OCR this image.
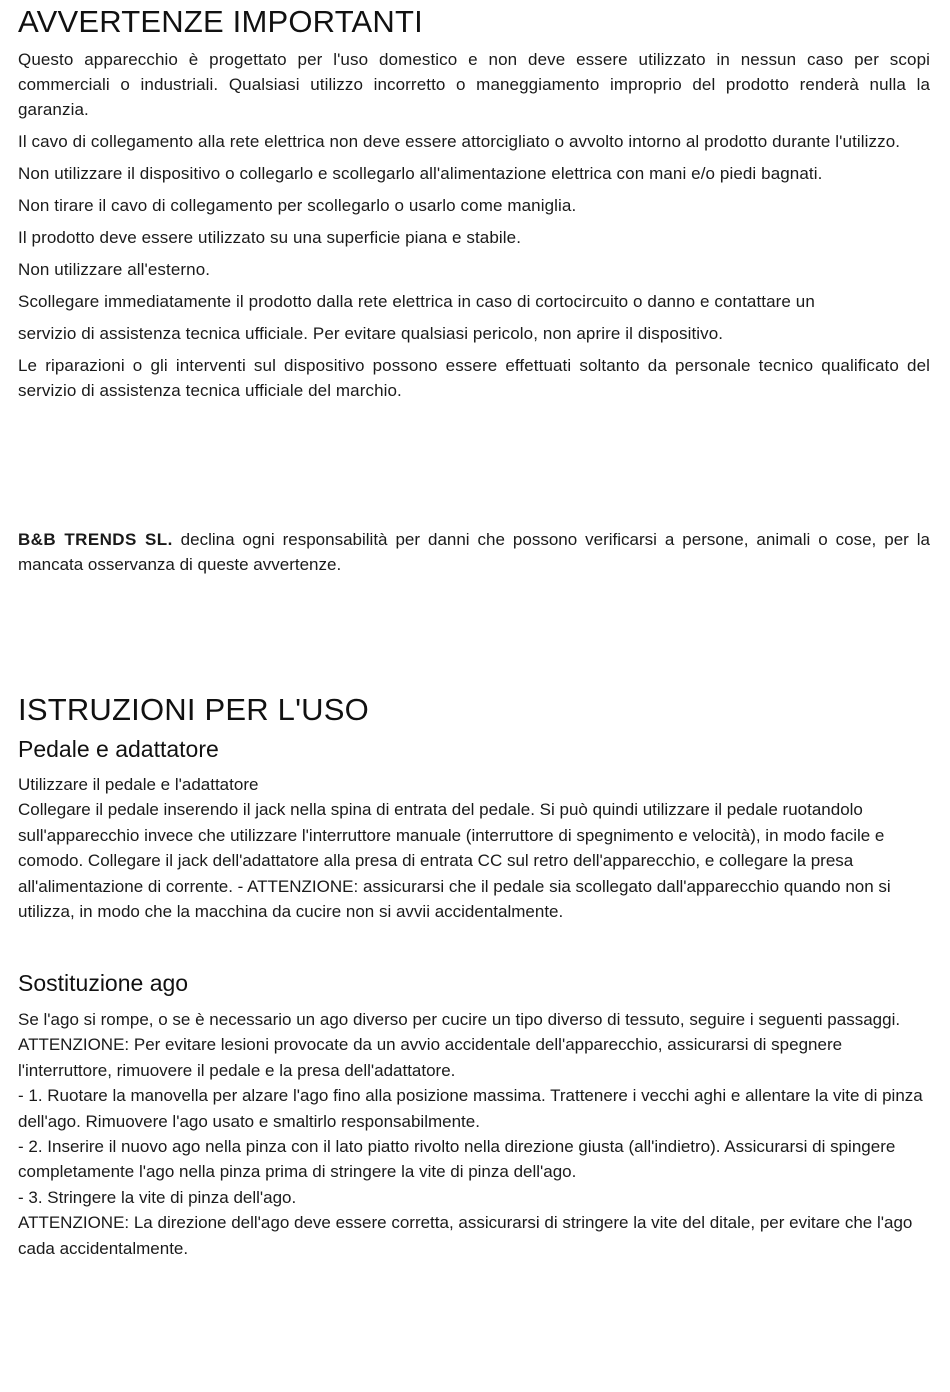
AVVERTENZE IMPORTANTI

Questo apparecchio è progettato per l'uso domestico e non deve essere utilizzato in nessun caso per scopi commerciali o industriali. Qualsiasi utilizzo incorretto o maneggiamento improprio del prodotto renderà nulla la garanzia.

Il cavo di collegamento alla rete elettrica non deve essere attorcigliato o avvolto intorno al prodotto durante l'utilizzo.

Non utilizzare il dispositivo o collegarlo e scollegarlo all'alimentazione elettrica con mani e/o piedi bagnati.

Non tirare il cavo di collegamento per scollegarlo o usarlo come maniglia.

Il prodotto deve essere utilizzato su una superficie piana e stabile.

Non utilizzare all'esterno.

Scollegare immediatamente il prodotto dalla rete elettrica in caso di cortocircuito o danno e contattare un

servizio di assistenza tecnica ufficiale. Per evitare qualsiasi pericolo, non aprire il dispositivo.

Le riparazioni o gli interventi sul dispositivo possono essere effettuati soltanto da personale tecnico qualificato del servizio di assistenza tecnica ufficiale del marchio.

B&B TRENDS SL. declina ogni responsabilità per danni che possono verificarsi a persone, animali o cose, per la mancata osservanza di queste avvertenze.

ISTRUZIONI PER L'USO
Pedale e adattatore

Utilizzare il pedale e l'adattatore

Collegare il pedale inserendo il jack nella spina di entrata del pedale. Si può quindi utilizzare il pedale ruotandolo sull'apparecchio invece che utilizzare l'interruttore manuale (interruttore di spegnimento e velocità), in modo facile e comodo. Collegare il jack dell'adattatore alla presa di entrata CC sul retro dell'apparecchio, e collegare la presa all'alimentazione di corrente. - ATTENZIONE: assicurarsi che il pedale sia scollegato dall'apparecchio quando non si utilizza, in modo che la macchina da cucire non si avvii accidentalmente.

Sostituzione ago

Se l'ago si rompe, o se è necessario un ago diverso per cucire un tipo diverso di tessuto, seguire i seguenti passaggi.

ATTENZIONE: Per evitare lesioni provocate da un avvio accidentale dell'apparecchio, assicurarsi di spegnere l'interruttore, rimuovere il pedale e la presa dell'adattatore.

- 1. Ruotare la manovella per alzare l'ago fino alla posizione massima. Trattenere i vecchi aghi e allentare la vite di pinza dell'ago. Rimuovere l'ago usato e smaltirlo responsabilmente.

- 2. Inserire il nuovo ago nella pinza con il lato piatto rivolto nella direzione giusta (all'indietro). Assicurarsi di spingere completamente l'ago nella pinza prima di stringere la vite di pinza dell'ago.

- 3. Stringere la vite di pinza dell'ago.

ATTENZIONE: La direzione dell'ago deve essere corretta, assicurarsi di stringere la vite del ditale, per evitare che l'ago cada accidentalmente.
